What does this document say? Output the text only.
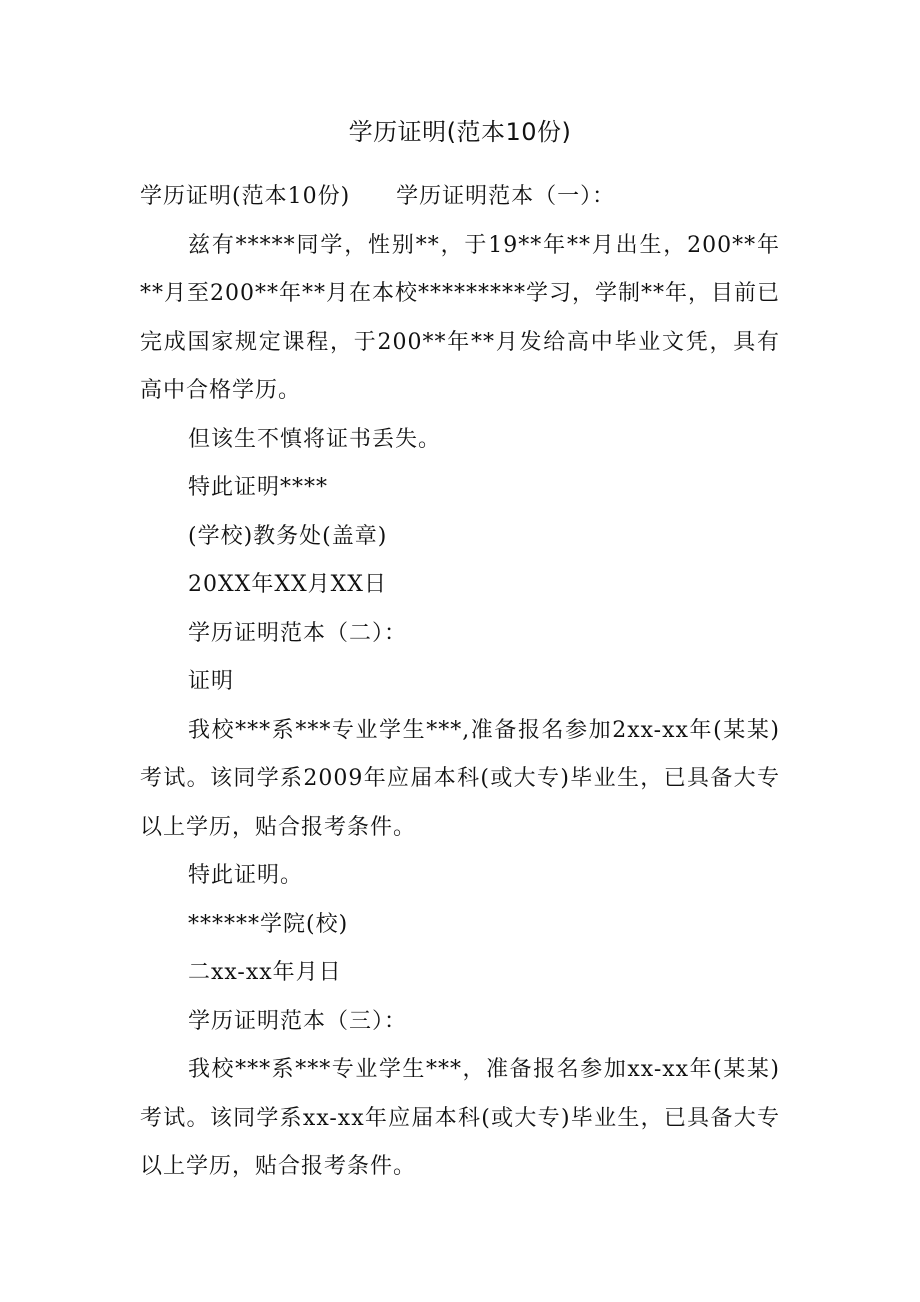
学历证明(范本10份)

学历证明(范本10份)　　学历证明范本（一）：

兹有*****同学，性别**，于19**年**月出生，200**年**月至200**年**月在本校*********学习，学制**年，目前已完成国家规定课程，于200**年**月发给高中毕业文凭，具有高中合格学历。

但该生不慎将证书丢失。

特此证明****

(学校)教务处(盖章)

20XX年XX月XX日

学历证明范本（二）：

证明

我校***系***专业学生***,准备报名参加2xx-xx年(某某)考试。该同学系2009年应届本科(或大专)毕业生，已具备大专以上学历，贴合报考条件。

特此证明。

******学院(校)

二xx-xx年月日

学历证明范本（三）：

我校***系***专业学生***，准备报名参加xx-xx年(某某)考试。该同学系xx-xx年应届本科(或大专)毕业生，已具备大专以上学历，贴合报考条件。
